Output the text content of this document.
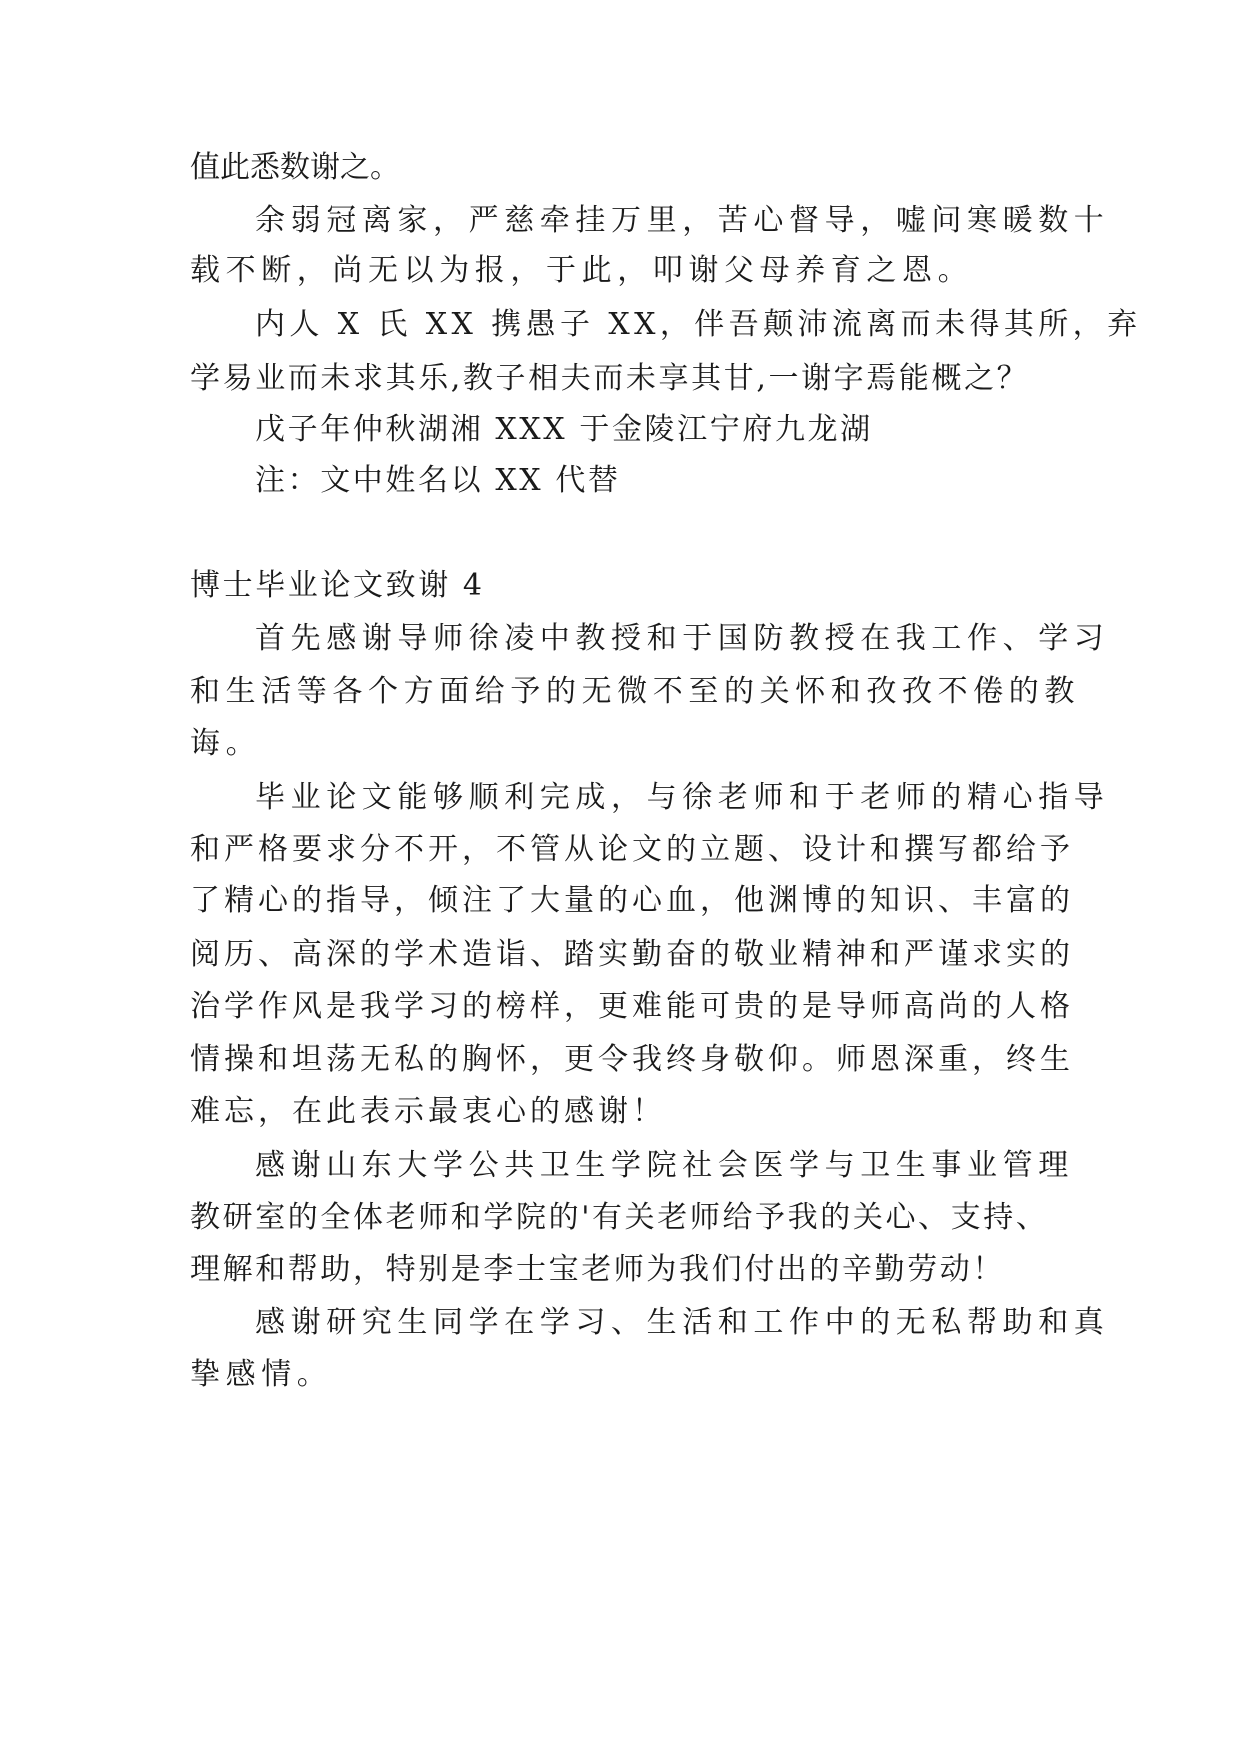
值此悉数谢之。
余弱冠离家，严慈牵挂万里，苦心督导，嘘问寒暖数十
载不断，尚无以为报，于此，叩谢父母养育之恩。
内人 X 氏 XX 携愚子 XX，伴吾颠沛流离而未得其所，弃
学易业而未求其乐,教子相夫而未享其甘,一谢字焉能概之？
戊子年仲秋湖湘 XXX 于金陵江宁府九龙湖
注：文中姓名以 XX 代替
博士毕业论文致谢 4
首先感谢导师徐凌中教授和于国防教授在我工作、学习
和生活等各个方面给予的无微不至的关怀和孜孜不倦的教
诲。
毕业论文能够顺利完成，与徐老师和于老师的精心指导
和严格要求分不开，不管从论文的立题、设计和撰写都给予
了精心的指导，倾注了大量的心血，他渊博的知识、丰富的
阅历、高深的学术造诣、踏实勤奋的敬业精神和严谨求实的
治学作风是我学习的榜样，更难能可贵的是导师高尚的人格
情操和坦荡无私的胸怀，更令我终身敬仰。师恩深重，终生
难忘，在此表示最衷心的感谢！
感谢山东大学公共卫生学院社会医学与卫生事业管理
教研室的全体老师和学院的'有关老师给予我的关心、支持、
理解和帮助，特别是李士宝老师为我们付出的辛勤劳动！
感谢研究生同学在学习、生活和工作中的无私帮助和真
挚感情。
